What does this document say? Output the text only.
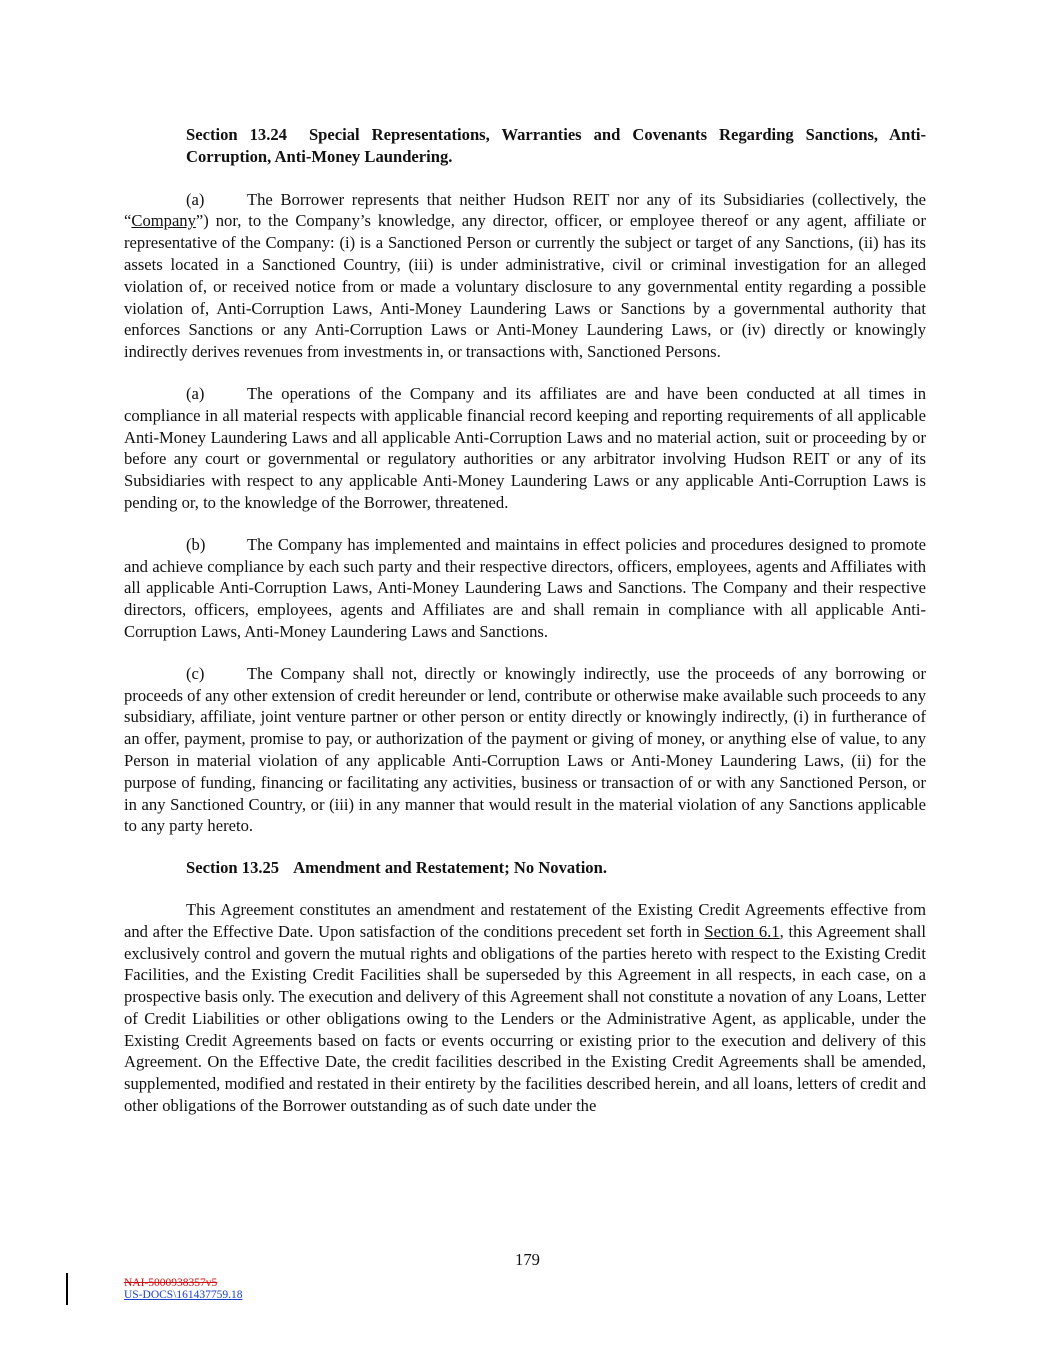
Section 13.24 Special Representations, Warranties and Covenants Regarding Sanctions, Anti-Corruption, Anti-Money Laundering.

(a)	The Borrower represents that neither Hudson REIT nor any of its Subsidiaries (collectively, the “Company”) nor, to the Company’s knowledge, any director, officer, or employee thereof or any agent, affiliate or representative of the Company: (i) is a Sanctioned Person or currently the subject or target of any Sanctions, (ii) has its assets located in a Sanctioned Country, (iii) is under administrative, civil or criminal investigation for an alleged violation of, or received notice from or made a voluntary disclosure to any governmental entity regarding a possible violation of, Anti-Corruption Laws, Anti-Money Laundering Laws or Sanctions by a governmental authority that enforces Sanctions or any Anti-Corruption Laws or Anti-Money Laundering Laws, or (iv) directly or knowingly indirectly derives revenues from investments in, or transactions with, Sanctioned Persons.

(a)	The operations of the Company and its affiliates are and have been conducted at all times in compliance in all material respects with applicable financial record keeping and reporting requirements of all applicable Anti-Money Laundering Laws and all applicable Anti-Corruption Laws and no material action, suit or proceeding by or before any court or governmental or regulatory authorities or any arbitrator involving Hudson REIT or any of its Subsidiaries with respect to any applicable Anti-Money Laundering Laws or any applicable Anti-Corruption Laws is pending or, to the knowledge of the Borrower, threatened.

(b)	The Company has implemented and maintains in effect policies and procedures designed to promote and achieve compliance by each such party and their respective directors, officers, employees, agents and Affiliates with all applicable Anti-Corruption Laws, Anti-Money Laundering Laws and Sanctions. The Company and their respective directors, officers, employees, agents and Affiliates are and shall remain in compliance with all applicable Anti-Corruption Laws, Anti-Money Laundering Laws and Sanctions.

(c)	The Company shall not, directly or knowingly indirectly, use the proceeds of any borrowing or proceeds of any other extension of credit hereunder or lend, contribute or otherwise make available such proceeds to any subsidiary, affiliate, joint venture partner or other person or entity directly or knowingly indirectly, (i) in furtherance of an offer, payment, promise to pay, or authorization of the payment or giving of money, or anything else of value, to any Person in material violation of any applicable Anti-Corruption Laws or Anti-Money Laundering Laws, (ii) for the purpose of funding, financing or facilitating any activities, business or transaction of or with any Sanctioned Person, or in any Sanctioned Country, or (iii) in any manner that would result in the material violation of any Sanctions applicable to any party hereto.

Section 13.25 Amendment and Restatement; No Novation.

This Agreement constitutes an amendment and restatement of the Existing Credit Agreements effective from and after the Effective Date. Upon satisfaction of the conditions precedent set forth in Section 6.1, this Agreement shall exclusively control and govern the mutual rights and obligations of the parties hereto with respect to the Existing Credit Facilities, and the Existing Credit Facilities shall be superseded by this Agreement in all respects, in each case, on a prospective basis only. The execution and delivery of this Agreement shall not constitute a novation of any Loans, Letter of Credit Liabilities or other obligations owing to the Lenders or the Administrative Agent, as applicable, under the Existing Credit Agreements based on facts or events occurring or existing prior to the execution and delivery of this Agreement. On the Effective Date, the credit facilities described in the Existing Credit Agreements shall be amended, supplemented, modified and restated in their entirety by the facilities described herein, and all loans, letters of credit and other obligations of the Borrower outstanding as of such date under the

179
NAI-5000938357v5
US-DOCS\161437759.18
